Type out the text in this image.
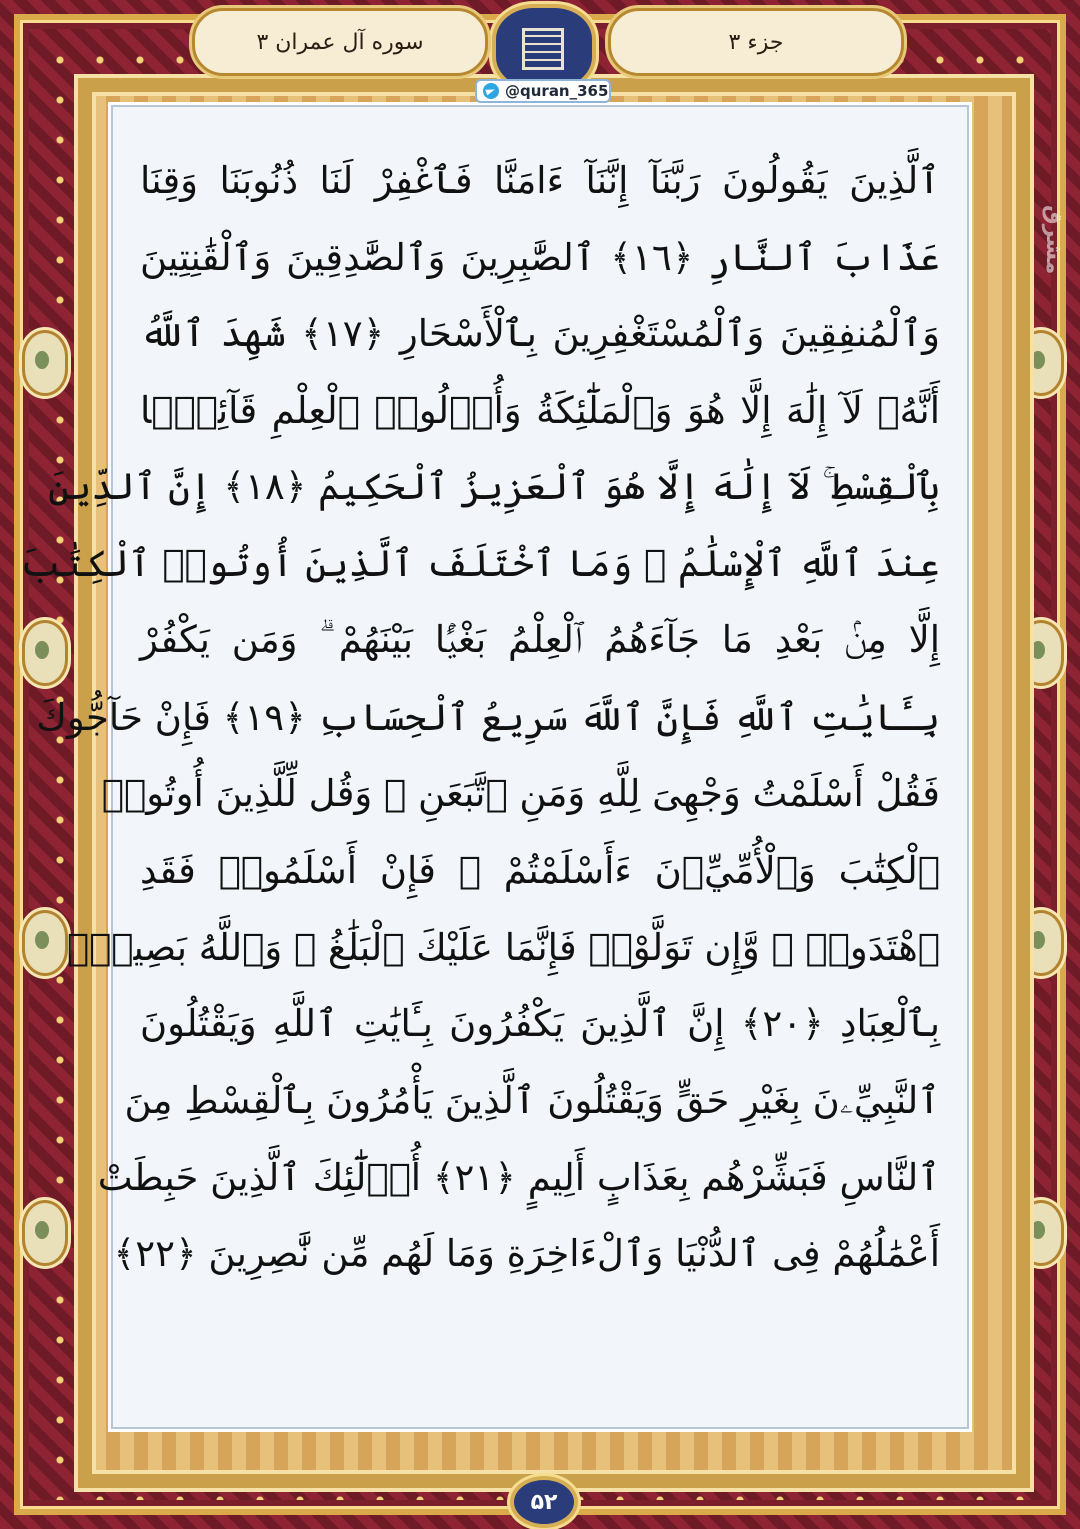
جزء ۳
سوره آل عمران ۳
@quran_365
مشرق
ٱلَّذِينَ يَقُولُونَ رَبَّنَآ إِنَّنَآ ءَامَنَّا فَٱغْفِرْ لَنَا ذُنُوبَنَا وَقِنَا
عَذَابَ ٱلنَّارِ ﴿١٦﴾ ٱلصَّٰبِرِينَ وَٱلصَّٰدِقِينَ وَٱلْقَٰنِتِينَ
وَٱلْمُنفِقِينَ وَٱلْمُسْتَغْفِرِينَ بِٱلْأَسْحَارِ ﴿١٧﴾ شَهِدَ ٱللَّهُ
أَنَّهُۥ لَآ إِلَٰهَ إِلَّا هُوَ وَٱلْمَلَٰٓئِكَةُ وَأُو۟لُوا۟ ٱلْعِلْمِ قَآئِمًۢا
بِٱلْقِسْطِ ۚ لَآ إِلَٰهَ إِلَّا هُوَ ٱلْعَزِيزُ ٱلْحَكِيمُ ﴿١٨﴾ إِنَّ ٱلدِّينَ
عِندَ ٱللَّهِ ٱلْإِسْلَٰمُ ۗ وَمَا ٱخْتَلَفَ ٱلَّذِينَ أُوتُوا۟ ٱلْكِتَٰبَ
إِلَّا مِنۢ بَعْدِ مَا جَآءَهُمُ ٱلْعِلْمُ بَغْيًۢا بَيْنَهُمْ ۗ وَمَن يَكْفُرْ
بِـَٔايَٰتِ ٱللَّهِ فَإِنَّ ٱللَّهَ سَرِيعُ ٱلْحِسَابِ ﴿١٩﴾ فَإِنْ حَآجُّوكَ
فَقُلْ أَسْلَمْتُ وَجْهِىَ لِلَّهِ وَمَنِ ٱتَّبَعَنِ ۗ وَقُل لِّلَّذِينَ أُوتُوا۟
ٱلْكِتَٰبَ وَٱلْأُمِّيِّۦنَ ءَأَسْلَمْتُمْ ۚ فَإِنْ أَسْلَمُوا۟ فَقَدِ
ٱهْتَدَوا۟ ۖ وَّإِن تَوَلَّوْا۟ فَإِنَّمَا عَلَيْكَ ٱلْبَلَٰغُ ۗ وَٱللَّهُ بَصِيرٌۢ
بِٱلْعِبَادِ ﴿٢٠﴾ إِنَّ ٱلَّذِينَ يَكْفُرُونَ بِـَٔايَٰتِ ٱللَّهِ وَيَقْتُلُونَ
ٱلنَّبِيِّۦنَ بِغَيْرِ حَقٍّ وَيَقْتُلُونَ ٱلَّذِينَ يَأْمُرُونَ بِٱلْقِسْطِ مِنَ
ٱلنَّاسِ فَبَشِّرْهُم بِعَذَابٍ أَلِيمٍ ﴿٢١﴾ أُو۟لَٰٓئِكَ ٱلَّذِينَ حَبِطَتْ
أَعْمَٰلُهُمْ فِى ٱلدُّنْيَا وَٱلْءَاخِرَةِ وَمَا لَهُم مِّن نَّٰصِرِينَ ﴿٢٢﴾
۵۲
